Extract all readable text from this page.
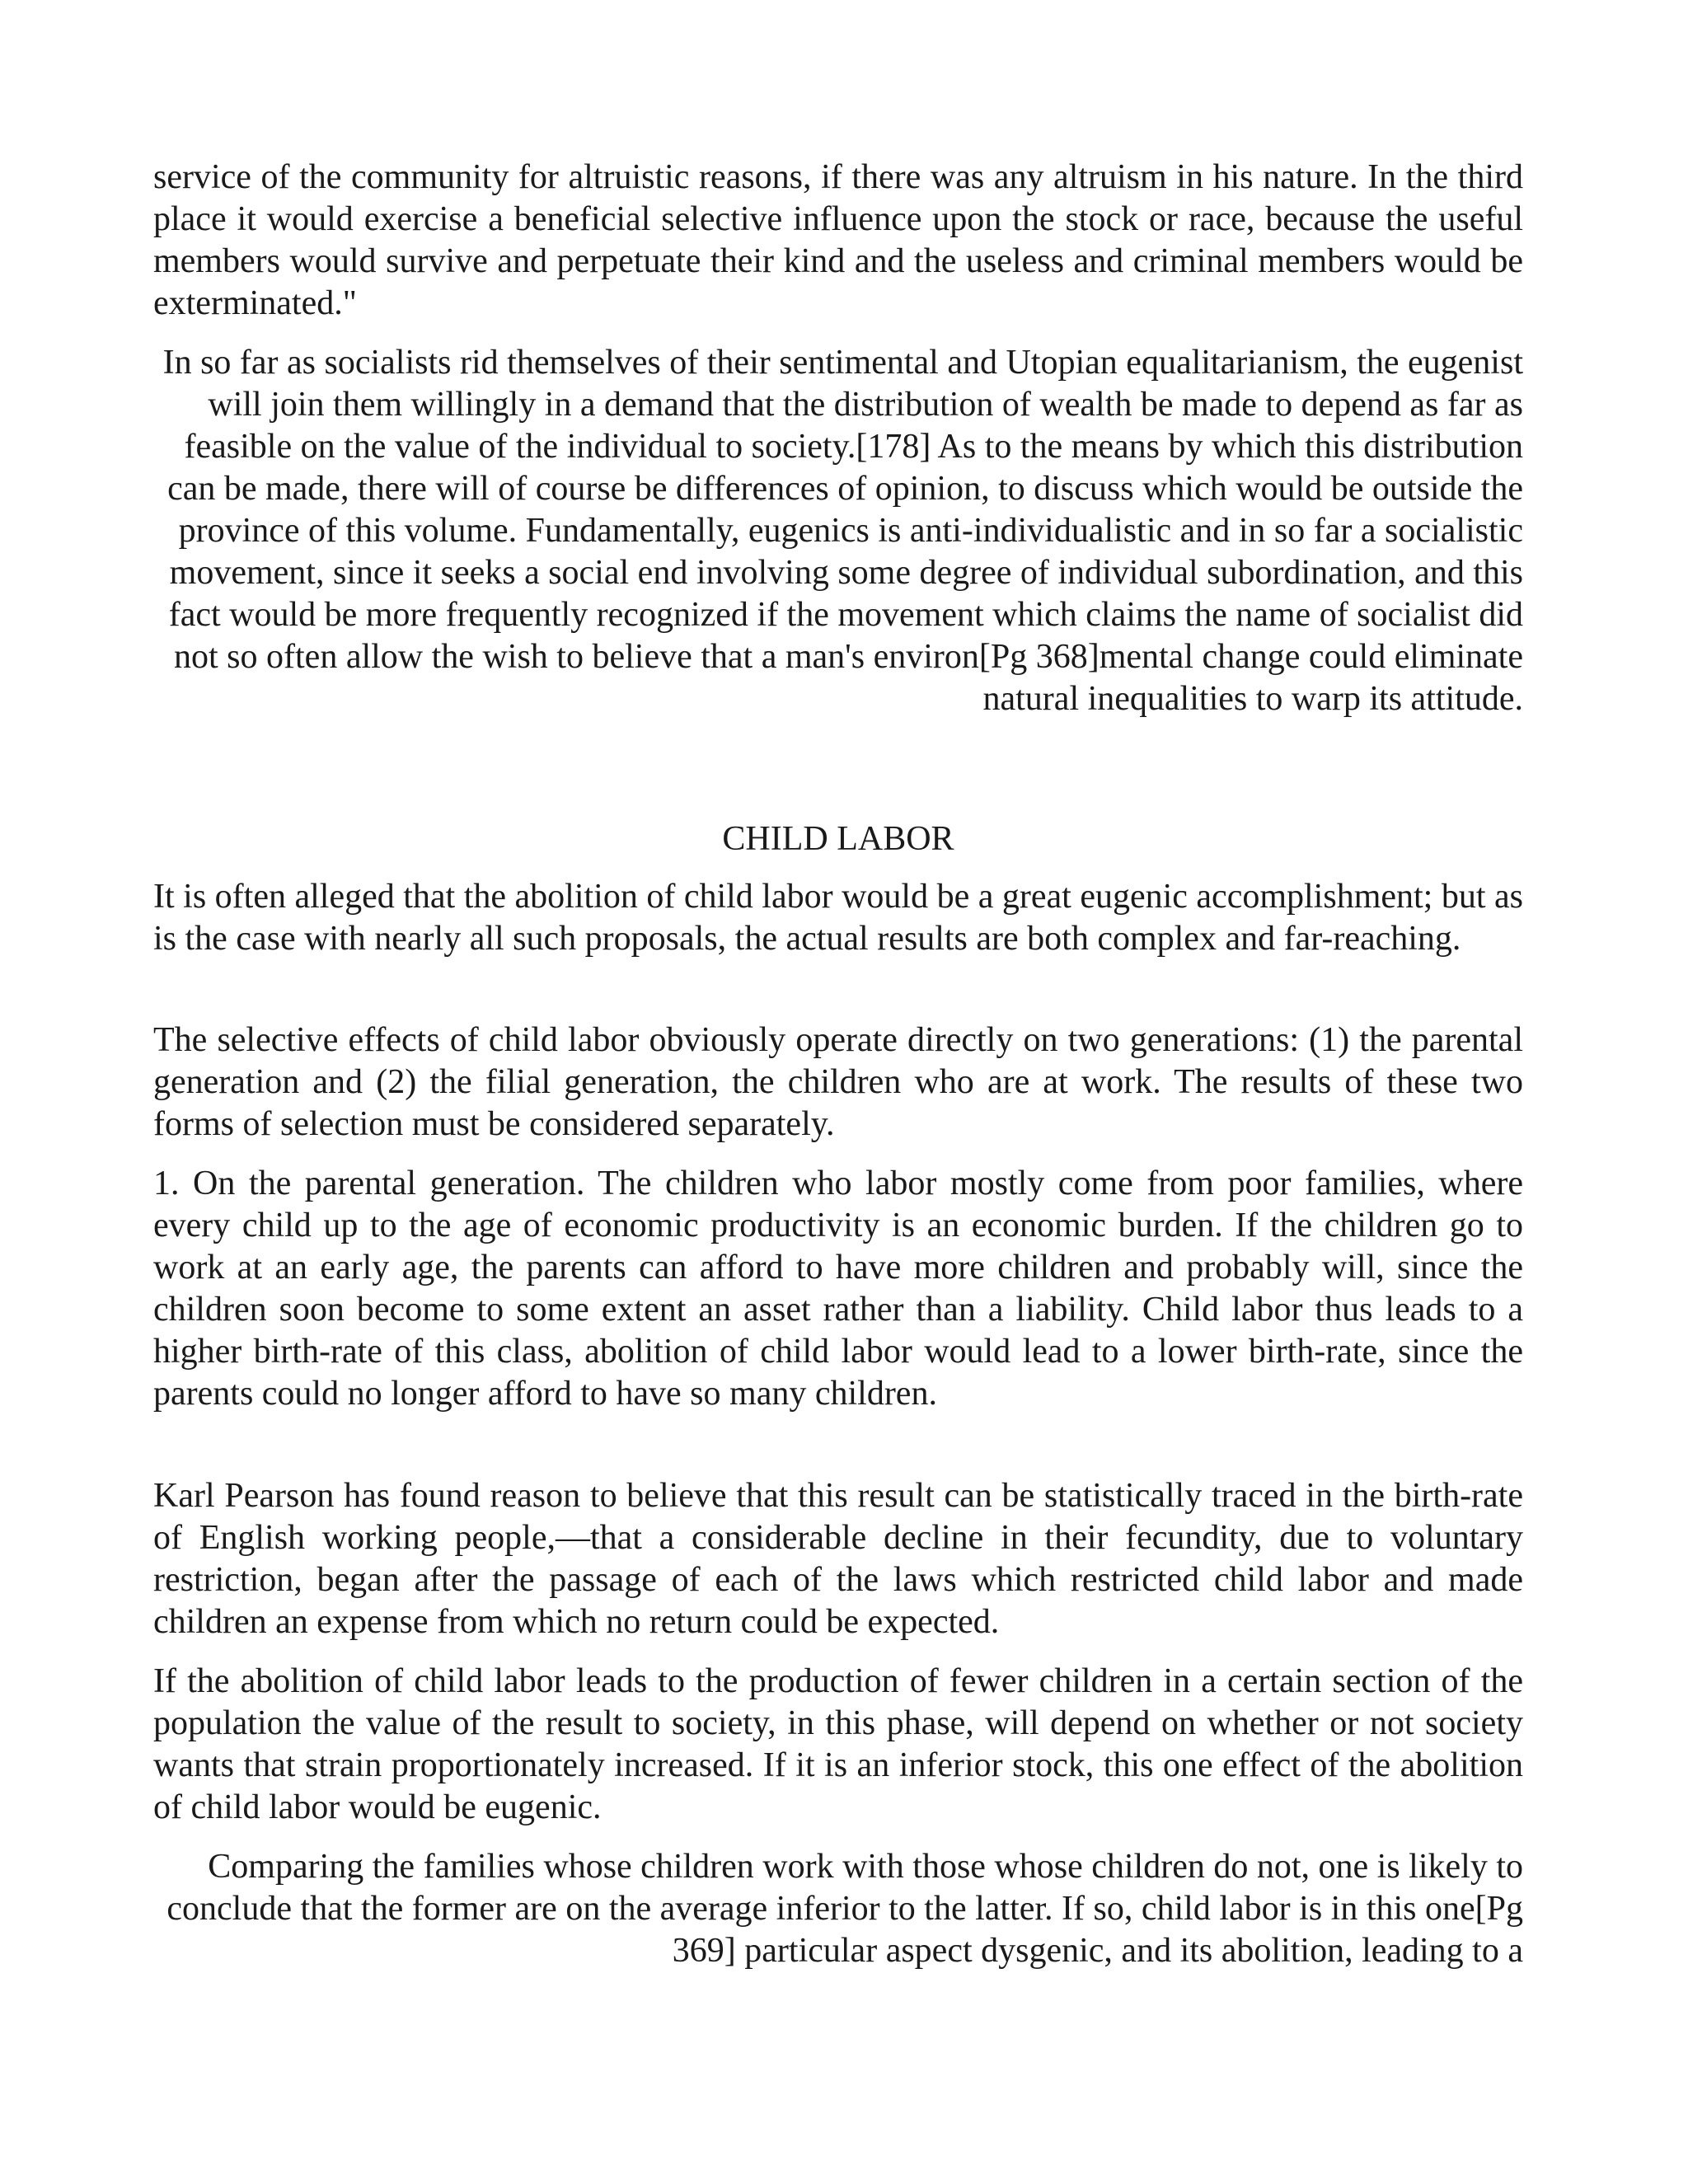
service of the community for altruistic reasons, if there was any altruism in his nature. In the third place it would exercise a beneficial selective influence upon the stock or race, because the useful members would survive and perpetuate their kind and the useless and criminal members would be exterminated."

In so far as socialists rid themselves of their sentimental and Utopian equalitarianism, the eugenist will join them willingly in a demand that the distribution of wealth be made to depend as far as feasible on the value of the individual to society.[178] As to the means by which this distribution can be made, there will of course be differences of opinion, to discuss which would be outside the province of this volume. Fundamentally, eugenics is anti-individualistic and in so far a socialistic movement, since it seeks a social end involving some degree of individual subordination, and this fact would be more frequently recognized if the movement which claims the name of socialist did not so often allow the wish to believe that a man's environ[Pg 368]mental change could eliminate natural inequalities to warp its attitude.

CHILD LABOR

It is often alleged that the abolition of child labor would be a great eugenic accomplishment; but as is the case with nearly all such proposals, the actual results are both complex and far-reaching.

The selective effects of child labor obviously operate directly on two generations: (1) the parental generation and (2) the filial generation, the children who are at work. The results of these two forms of selection must be considered separately.

1. On the parental generation. The children who labor mostly come from poor families, where every child up to the age of economic productivity is an economic burden. If the children go to work at an early age, the parents can afford to have more children and probably will, since the children soon become to some extent an asset rather than a liability. Child labor thus leads to a higher birth-rate of this class, abolition of child labor would lead to a lower birth-rate, since the parents could no longer afford to have so many children.

Karl Pearson has found reason to believe that this result can be statistically traced in the birth-rate of English working people,—that a considerable decline in their fecundity, due to voluntary restriction, began after the passage of each of the laws which restricted child labor and made children an expense from which no return could be expected.

If the abolition of child labor leads to the production of fewer children in a certain section of the population the value of the result to society, in this phase, will depend on whether or not society wants that strain proportionately increased. If it is an inferior stock, this one effect of the abolition of child labor would be eugenic.

Comparing the families whose children work with those whose children do not, one is likely to conclude that the former are on the average inferior to the latter. If so, child labor is in this one[Pg 369] particular aspect dysgenic, and its abolition, leading to a
